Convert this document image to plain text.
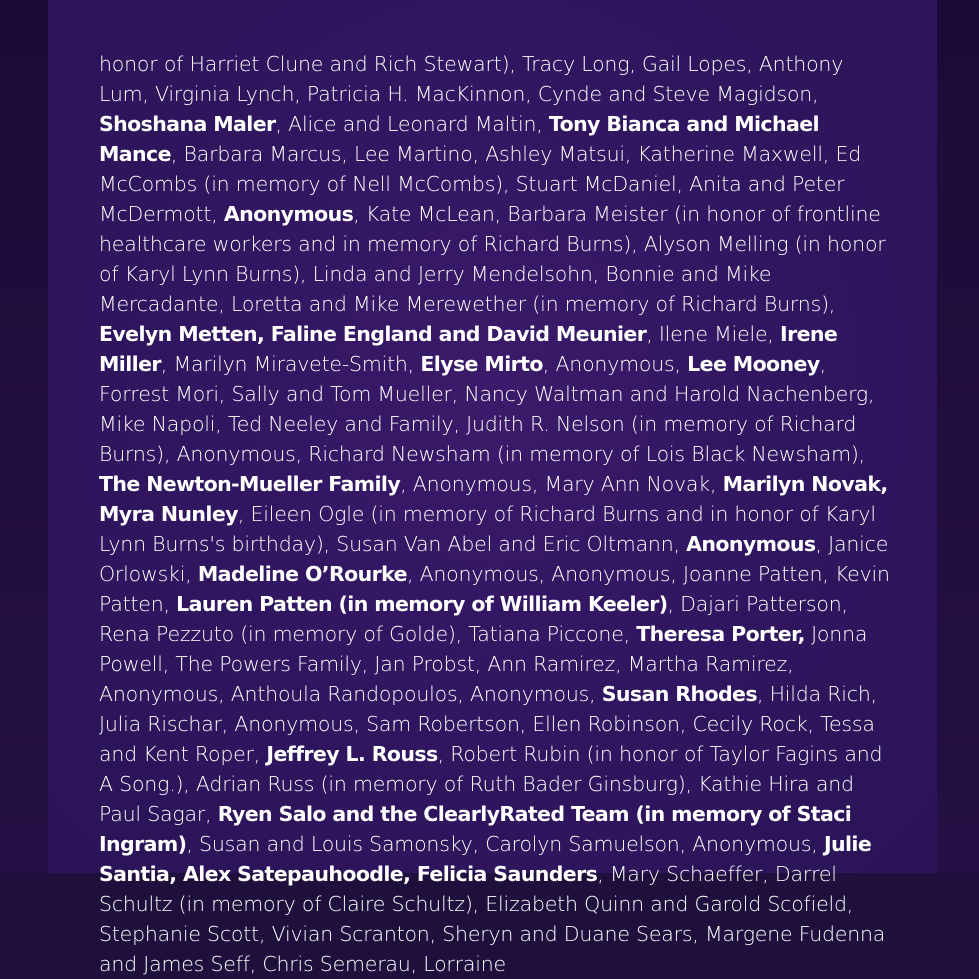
honor of Harriet Clune and Rich Stewart), Tracy Long, Gail Lopes, Anthony Lum, Virginia Lynch, Patricia H. MacKinnon, Cynde and Steve Magidson, Shoshana Maler, Alice and Leonard Maltin, Tony Bianca and Michael Mance, Barbara Marcus, Lee Martino, Ashley Matsui, Katherine Maxwell, Ed McCombs (in memory of Nell McCombs), Stuart McDaniel, Anita and Peter McDermott, Anonymous, Kate McLean, Barbara Meister (in honor of frontline healthcare workers and in memory of Richard Burns), Alyson Melling (in honor of Karyl Lynn Burns), Linda and Jerry Mendelsohn, Bonnie and Mike Mercadante, Loretta and Mike Merewether (in memory of Richard Burns), Evelyn Metten, Faline England and David Meunier, Ilene Miele, Irene Miller, Marilyn Miravete-Smith, Elyse Mirto, Anonymous, Lee Mooney, Forrest Mori, Sally and Tom Mueller, Nancy Waltman and Harold Nachenberg, Mike Napoli, Ted Neeley and Family, Judith R. Nelson (in memory of Richard Burns), Anonymous, Richard Newsham (in memory of Lois Black Newsham), The Newton-Mueller Family, Anonymous, Mary Ann Novak, Marilyn Novak, Myra Nunley, Eileen Ogle (in memory of Richard Burns and in honor of Karyl Lynn Burns's birthday), Susan Van Abel and Eric Oltmann, Anonymous, Janice Orlowski, Madeline O’Rourke, Anonymous, Anonymous, Joanne Patten, Kevin Patten, Lauren Patten (in memory of William Keeler), Dajari Patterson, Rena Pezzuto (in memory of Golde), Tatiana Piccone, Theresa Porter, Jonna Powell, The Powers Family, Jan Probst, Ann Ramirez, Martha Ramirez, Anonymous, Anthoula Randopoulos, Anonymous, Susan Rhodes, Hilda Rich, Julia Rischar, Anonymous, Sam Robertson, Ellen Robinson, Cecily Rock, Tessa and Kent Roper, Jeffrey L. Rouss, Robert Rubin (in honor of Taylor Fagins and A Song.), Adrian Russ (in memory of Ruth Bader Ginsburg), Kathie Hira and Paul Sagar, Ryen Salo and the ClearlyRated Team (in memory of Staci Ingram), Susan and Louis Samonsky, Carolyn Samuelson, Anonymous, Julie Santia, Alex Satepauhoodle, Felicia Saunders, Mary Schaeffer, Darrel Schultz (in memory of Claire Schultz), Elizabeth Quinn and Garold Scofield, Stephanie Scott, Vivian Scranton, Sheryn and Duane Sears, Margene Fudenna and James Seff, Chris Semerau, Lorraine
